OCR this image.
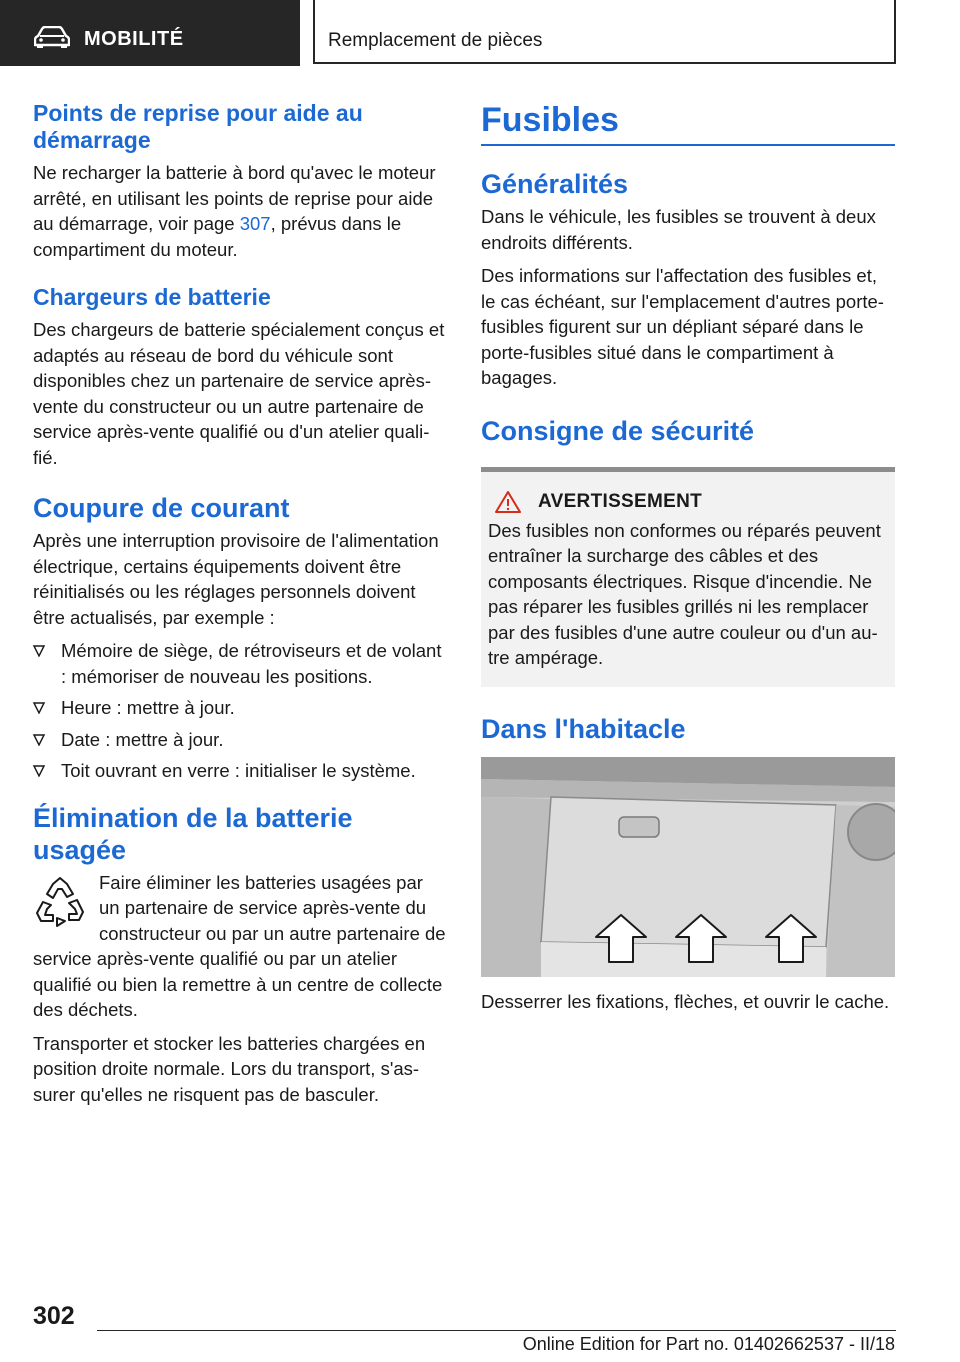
MOBILITÉ	Remplacement de pièces
Points de reprise pour aide au démarrage

Ne recharger la batterie à bord qu'avec le moteur arrêté, en utilisant les points de reprise pour aide au démarrage, voir page 307, prévus dans le compartiment du moteur.

Chargeurs de batterie

Des chargeurs de batterie spécialement conçus et adaptés au réseau de bord du véhicule sont disponibles chez un partenaire de service après-vente du constructeur ou un autre partenaire de service après-vente qualifié ou d'un atelier qualifié.

Coupure de courant

Après une interruption provisoire de l'alimentation électrique, certains équipements doivent être réinitialisés ou les réglages personnels doivent être actualisés, par exemple :

Mémoire de siège, de rétroviseurs et de volant : mémoriser de nouveau les positions.
Heure : mettre à jour.
Date : mettre à jour.
Toit ouvrant en verre : initialiser le système.
Élimination de la batterie usagée

Faire éliminer les batteries usagées par un partenaire de service après-vente du constructeur ou par un autre partenaire de service après-vente qualifié ou par un atelier qualifié ou bien la remettre à un centre de collecte des déchets.

Transporter et stocker les batteries chargées en position droite normale. Lors du transport, s'assurer qu'elles ne risquent pas de basculer.

Fusibles
Généralités

Dans le véhicule, les fusibles se trouvent à deux endroits différents.

Des informations sur l'affectation des fusibles et, le cas échéant, sur l'emplacement d'autres porte-fusibles figurent sur un dépliant séparé dans le porte-fusibles situé dans le compartiment à bagages.

Consigne de sécurité
AVERTISSEMENT

Des fusibles non conformes ou réparés peuvent entraîner la surcharge des câbles et des composants électriques. Risque d'incendie. Ne pas réparer les fusibles grillés ni les remplacer par des fusibles d'une autre couleur ou d'un autre ampérage.

Dans l'habitacle

Desserrer les fixations, flèches, et ouvrir le cache.

302
Online Edition for Part no. 01402662537 - II/18
